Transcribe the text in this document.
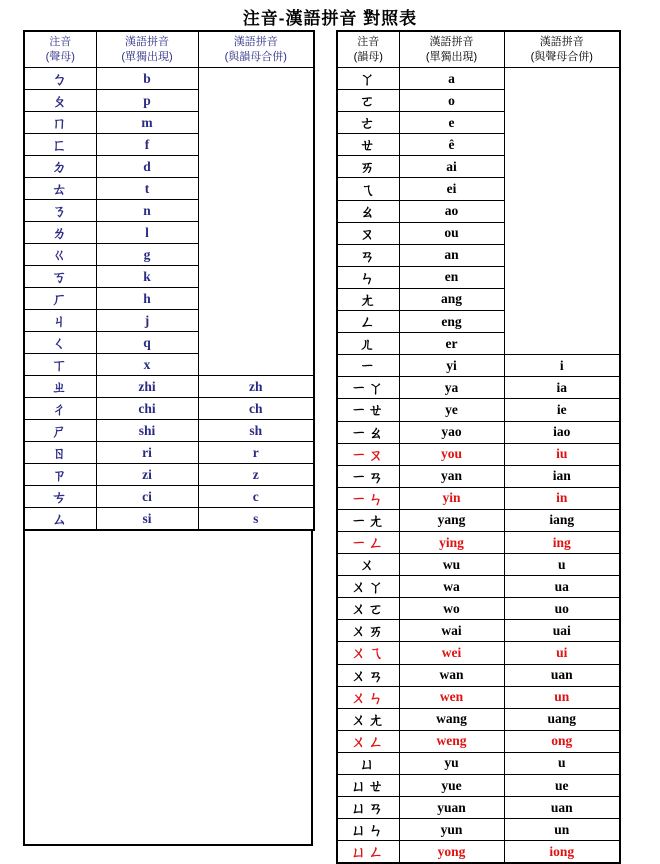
注音-漢語拼音 對照表
注音
(聲母)

漢語拼音
(單獨出現)

漢語拼音
(與韻母合併)

ㄅ	b	
ㄆ	p	
ㄇ	m	
ㄈ	f	
ㄉ	d	
ㄊ	t	
ㄋ	n	
ㄌ	l	
ㄍ	g	
ㄎ	k	
ㄏ	h	
ㄐ	j	
ㄑ	q	
ㄒ	x	
ㄓ	zhi	zh
ㄔ	chi	ch
ㄕ	shi	sh
ㄖ	ri	r
ㄗ	zi	z
ㄘ	ci	c
ㄙ	si	s
注音
(韻母)

漢語拼音
(單獨出現)

漢語拼音
(與聲母合併)

ㄚ	a	
ㄛ	o	
ㄜ	e	
ㄝ	ê	
ㄞ	ai	
ㄟ	ei	
ㄠ	ao	
ㄡ	ou	
ㄢ	an	
ㄣ	en	
ㄤ	ang	
ㄥ	eng	
ㄦ	er	
ㄧ	yi	i
ㄧㄚ	ya	ia
ㄧㄝ	ye	ie
ㄧㄠ	yao	iao
ㄧㄡ	you	iu
ㄧㄢ	yan	ian
ㄧㄣ	yin	in
ㄧㄤ	yang	iang
ㄧㄥ	ying	ing
ㄨ	wu	u
ㄨㄚ	wa	ua
ㄨㄛ	wo	uo
ㄨㄞ	wai	uai
ㄨㄟ	wei	ui
ㄨㄢ	wan	uan
ㄨㄣ	wen	un
ㄨㄤ	wang	uang
ㄨㄥ	weng	ong
ㄩ	yu	u
ㄩㄝ	yue	ue
ㄩㄢ	yuan	uan
ㄩㄣ	yun	un
ㄩㄥ	yong	iong
